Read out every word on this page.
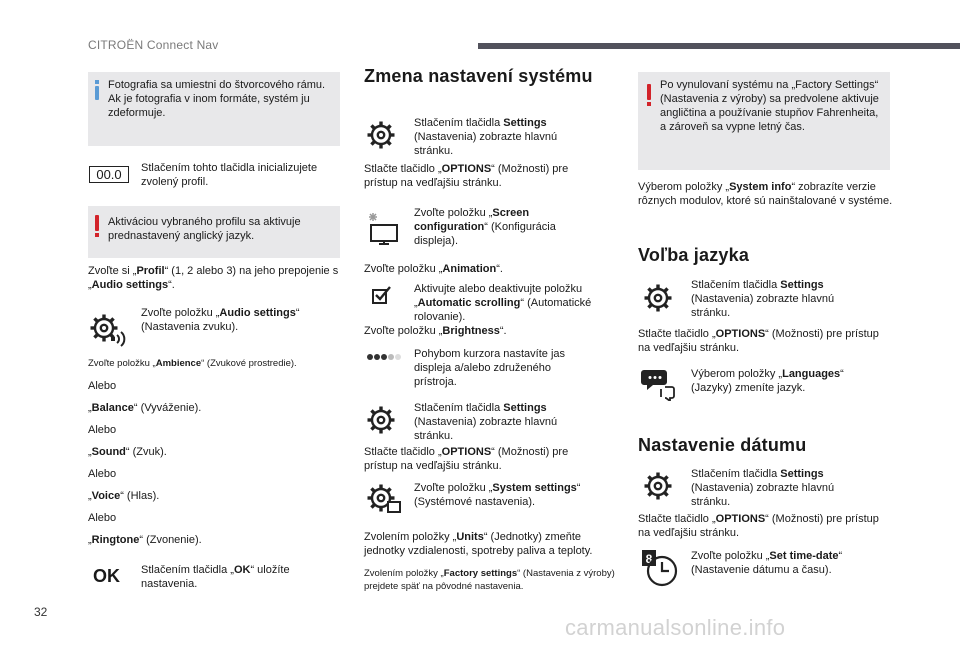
CITROËN Connect Nav
Fotografia sa umiestni do štvorcového rámu. Ak je fotografia v inom formáte, systém ju zdeformuje.
00.0	Stlačením tohto tlačidla inicializujete zvolený profil.
Aktiváciou vybraného profilu sa aktivuje prednastavený anglický jazyk.
Zvoľte si „Profil“ (1, 2 alebo 3) na jeho prepojenie s „Audio settings“.
Zvoľte položku „Audio settings“ (Nastavenia zvuku).
Zvoľte položku „Ambience“ (Zvukové prostredie).
Alebo
„Balance“ (Vyváženie).
Alebo
„Sound“ (Zvuk).
Alebo
„Voice“ (Hlas).
Alebo
„Ringtone“ (Zvonenie).
OK Stlačením tlačidla „OK“ uložíte nastavenia.
Zmena nastavení systému
Stlačením tlačidla Settings (Nastavenia) zobrazte hlavnú stránku.
Stlačte tlačidlo „OPTIONS“ (Možnosti) pre prístup na vedľajšiu stránku.
Zvoľte položku „Screen configuration“ (Konfigurácia displeja).
Zvoľte položku „Animation“.
Aktivujte alebo deaktivujte položku „Automatic scrolling“ (Automatické rolovanie).
Zvoľte položku „Brightness“.
Pohybom kurzora nastavíte jas displeja a/alebo združeného prístroja.
Stlačením tlačidla Settings (Nastavenia) zobrazte hlavnú stránku.
Stlačte tlačidlo „OPTIONS“ (Možnosti) pre prístup na vedľajšiu stránku.
Zvoľte položku „System settings“ (Systémové nastavenia).
Zvolením položky „Units“ (Jednotky) zmeňte jednotky vzdialenosti, spotreby paliva a teploty.
Zvolením položky „Factory settings“ (Nastavenia z výroby) prejdete späť na pôvodné nastavenia.
Po vynulovaní systému na „Factory Settings“ (Nastavenia z výroby) sa predvolene aktivuje angličtina a používanie stupňov Fahrenheita, a zároveň sa vypne letný čas.
Výberom položky „System info“ zobrazíte verzie rôznych modulov, ktoré sú nainštalované v systéme.
Voľba jazyka
Stlačením tlačidla Settings (Nastavenia) zobrazte hlavnú stránku.
Stlačte tlačidlo „OPTIONS“ (Možnosti) pre prístup na vedľajšiu stránku.
Výberom položky „Languages“ (Jazyky) zmeníte jazyk.
Nastavenie dátumu
Stlačením tlačidla Settings (Nastavenia) zobrazte hlavnú stránku.
Stlačte tlačidlo „OPTIONS“ (Možnosti) pre prístup na vedľajšiu stránku.
8	Zvoľte položku „Set time-date“ (Nastavenie dátumu a času).
32
carmanualsonline.info
